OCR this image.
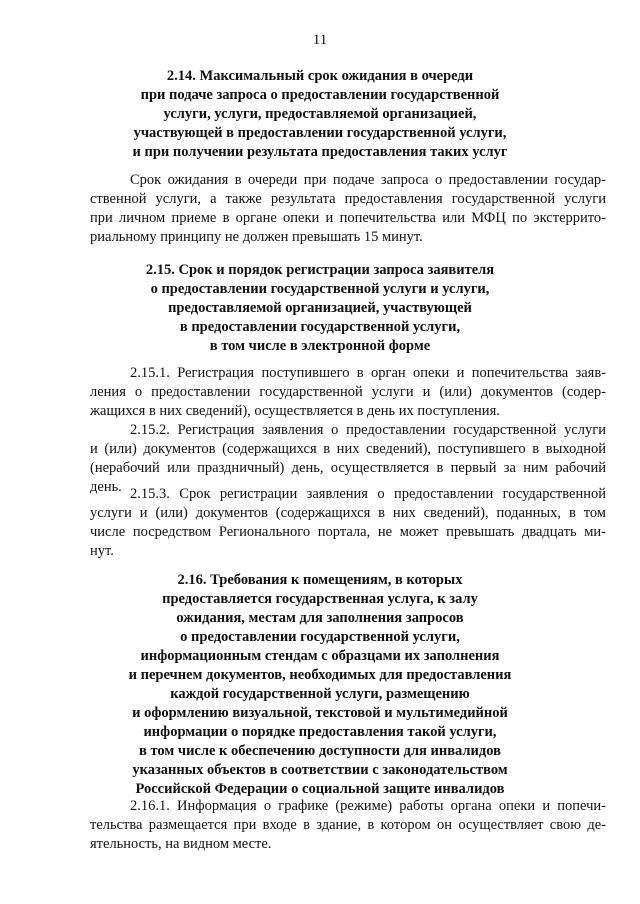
11
2.14. Максимальный срок ожидания в очереди
при подаче запроса о предоставлении государственной
услуги, услуги, предоставляемой организацией,
участвующей в предоставлении государственной услуги,
и при получении результата предоставления таких услуг
Срок ожидания в очереди при подаче запроса о предоставлении государ-
ственной услуги, а также результата предоставления государственной услуги
при личном приеме в органе опеки и попечительства или МФЦ по экстеррито-
риальному принципу не должен превышать 15 минут.
2.15. Срок и порядок регистрации запроса заявителя
о предоставлении государственной услуги и услуги,
предоставляемой организацией, участвующей
в предоставлении государственной услуги,
в том числе в электронной форме
2.15.1. Регистрация поступившего в орган опеки и попечительства заяв-
ления о предоставлении государственной услуги и (или) документов (содер-
жащихся в них сведений), осуществляется в день их поступления.
2.15.2. Регистрация заявления о предоставлении государственной услуги
и (или) документов (содержащихся в них сведений), поступившего в выходной
(нерабочий или праздничный) день, осуществляется в первый за ним рабочий
день. 2.15.3. Срок регистрации заявления о предоставлении государственной
услуги и (или) документов (содержащихся в них сведений), поданных, в том
числе посредством Регионального портала, не может превышать двадцать ми-
нут.
2.16. Требования к помещениям, в которых
предоставляется государственная услуга, к залу
ожидания, местам для заполнения запросов
о предоставлении государственной услуги,
информационным стендам с образцами их заполнения
и перечнем документов, необходимых для предоставления
каждой государственной услуги, размещению
и оформлению визуальной, текстовой и мультимедийной
информации о порядке предоставления такой услуги,
в том числе к обеспечению доступности для инвалидов
указанных объектов в соответствии с законодательством
Российской Федерации о социальной защите инвалидов
2.16.1. Информация о графике (режиме) работы органа опеки и попечи-
тельства размещается при входе в здание, в котором он осуществляет свою де-
ятельность, на видном месте.
